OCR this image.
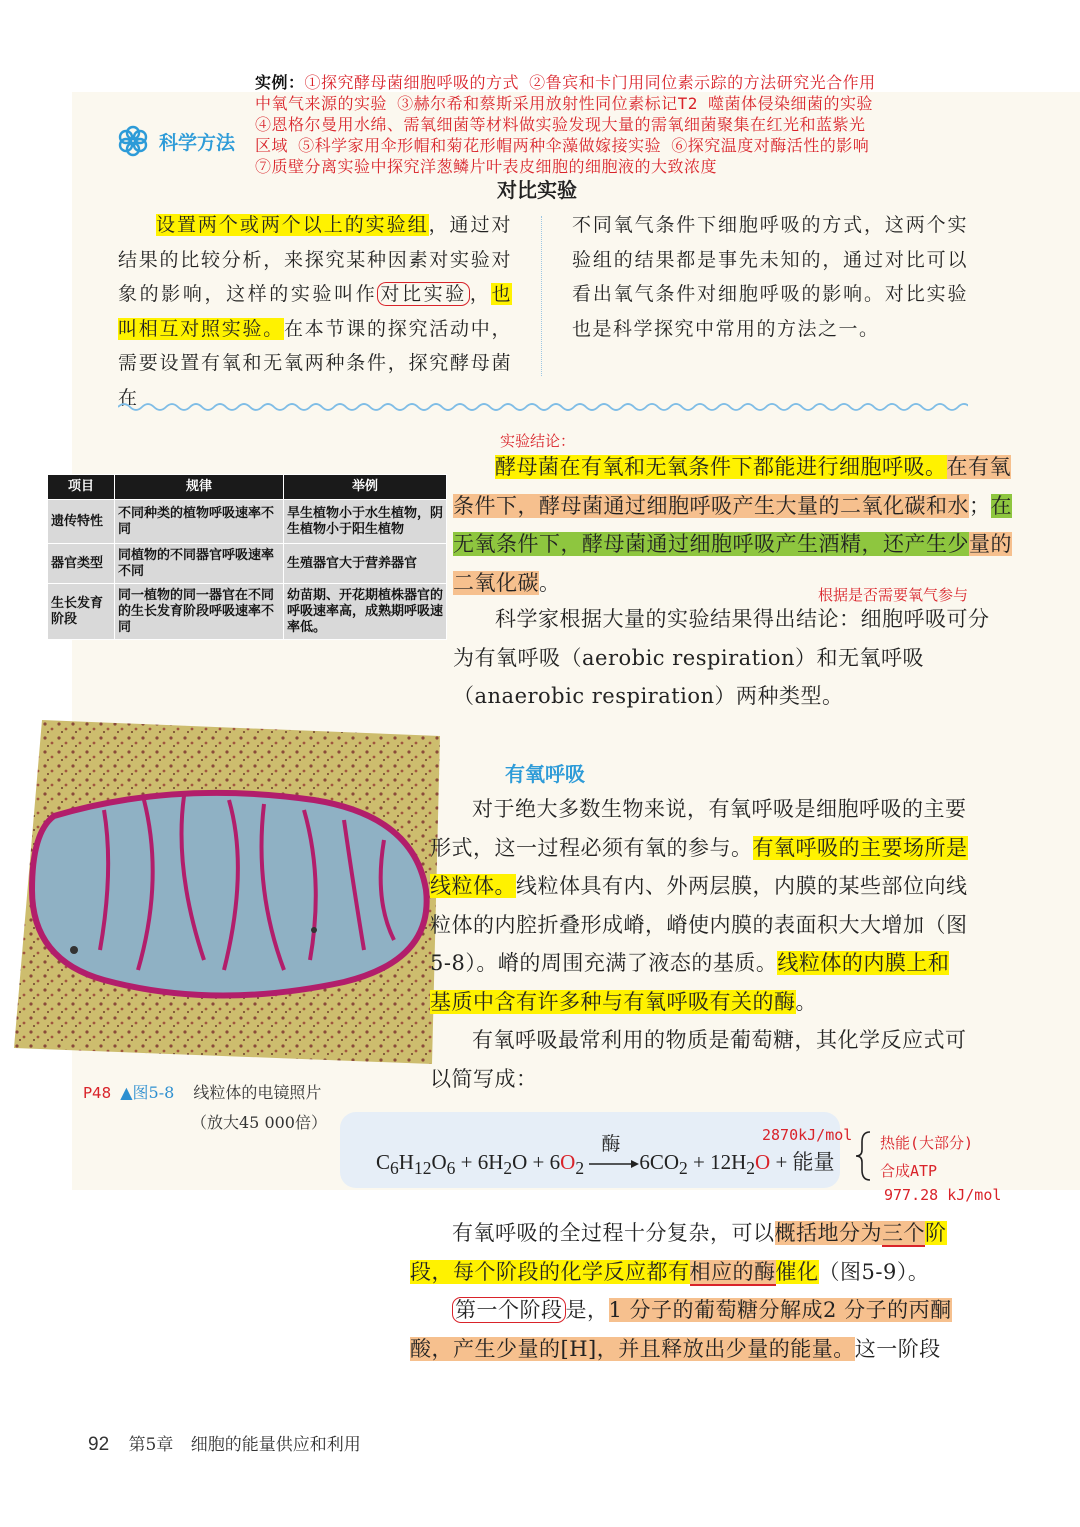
实例：①探究酵母菌细胞呼吸的方式 ②鲁宾和卡门用同位素示踪的方法研究光合作用
中氧气来源的实验 ③赫尔希和蔡斯采用放射性同位素标记T2 噬菌体侵染细菌的实验
④恩格尔曼用水绵、需氧细菌等材料做实验发现大量的需氧细菌聚集在红光和蓝紫光
区域 ⑤科学家用伞形帽和菊花形帽两种伞藻做嫁接实验 ⑥探究温度对酶活性的影响
⑦质壁分离实验中探究洋葱鳞片叶表皮细胞的细胞液的大致浓度
科学方法
对比实验

设置两个或两个以上的实验组，通过对结果的比较分析，来探究某种因素对实验对象的影响，这样的实验叫作 对比实验 ，也叫相互对照实验。在本节课的探究活动中，需要设置有氧和无氧两种条件，探究酵母菌在

不同氧气条件下细胞呼吸的方式，这两个实验组的结果都是事先未知的，通过对比可以看出氧气条件对细胞呼吸的影响。对比实验也是科学探究中常用的方法之一。

实验结论：
项目	规律	举例
遗传特性	不同种类的植物呼吸速率不同	旱生植物小于水生植物，阴生植物小于阳生植物
器官类型	同植物的不同器官呼吸速率不同	生殖器官大于营养器官
生长发育阶段	同一植物的同一器官在不同的生长发育阶段呼吸速率不同	幼苗期、开花期植株器官的呼吸速率高，成熟期呼吸速率低。

酵母菌在有氧和无氧条件下都能进行细胞呼吸。在有氧条件下，酵母菌通过细胞呼吸产生大量的二氧化碳和水；在无氧条件下，酵母菌通过细胞呼吸产生酒精，还产生少量的二氧化碳。

根据是否需要氧气参与

科学家根据大量的实验结果得出结论：细胞呼吸可分为有氧呼吸（aerobic respiration）和无氧呼吸（anaerobic respiration）两种类型。

P48 ▲图5-8 线粒体的电镜照片
（放大45 000倍）
有氧呼吸

对于绝大多数生物来说，有氧呼吸是细胞呼吸的主要形式，这一过程必须有氧的参与。有氧呼吸的主要场所是线粒体。线粒体具有内、外两层膜，内膜的某些部位向线粒体的内腔折叠形成嵴，嵴使内膜的表面积大大增加（图5-8）。嵴的周围充满了液态的基质。线粒体的内膜上和基质中含有许多种与有氧呼吸有关的酶。

有氧呼吸最常利用的物质是葡萄糖，其化学反应式可以简写成：

$C_6H_{12}O_6 + 6H_2O + 6O_2$
酶
$6CO_2 + 12H_2O$ + 能量
2870kJ/mol 热能(大部分)
合成ATP
977.28 kJ/mol

有氧呼吸的全过程十分复杂，可以概括地分为三个阶段，每个阶段的化学反应都有相应的酶催化（图5-9）。

第一个阶段 是，1 分子的葡萄糖分解成2 分子的丙酮酸，产生少量的[H]，并且释放出少量的能量。这一阶段

92 第5章 细胞的能量供应和利用
